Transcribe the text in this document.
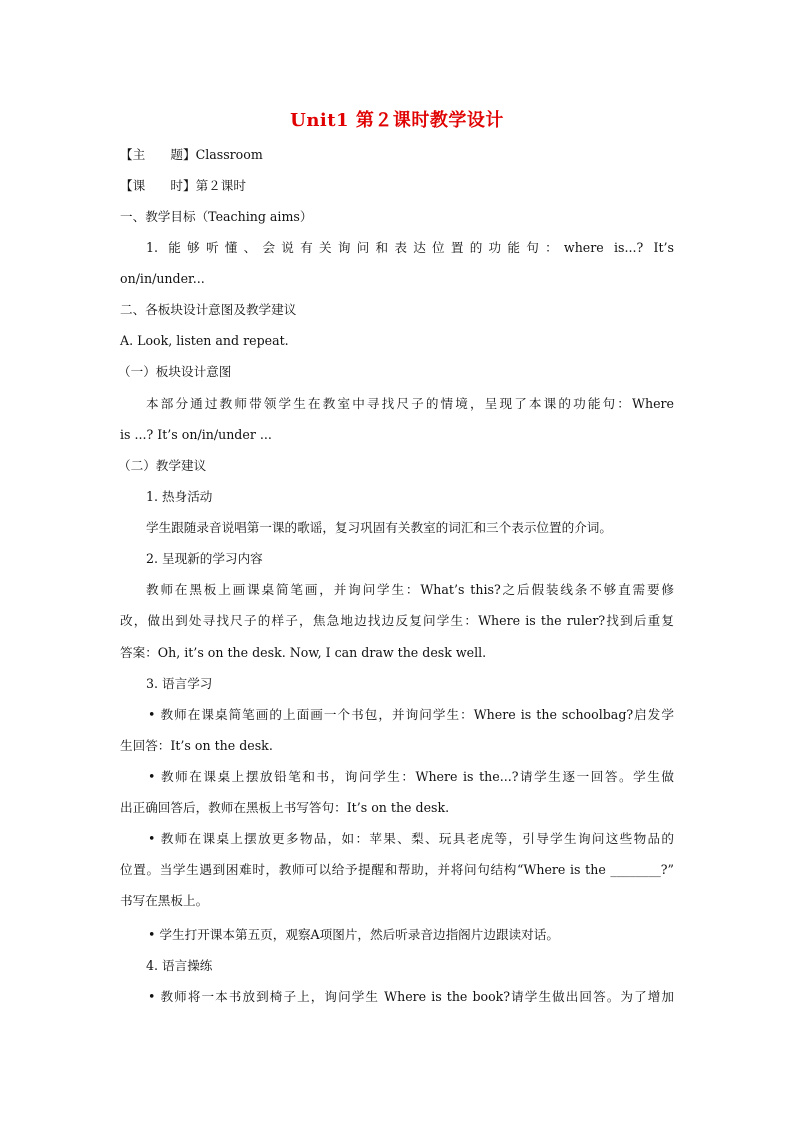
Unit1 第２课时教学设计
【主　　题】Classroom
【课　　时】第２课时
一、教学目标（Teaching aims）
1. 能够听懂、会说有关询问和表达位置的功能句：where is...? It’s
on/in/under...
二、各板块设计意图及教学建议
A. Look, listen and repeat.
（一）板块设计意图
本部分通过教师带领学生在教室中寻找尺子的情境，呈现了本课的功能句：Where
is ...? It’s on/in/under ...
（二）教学建议
1. 热身活动
学生跟随录音说唱第一课的歌谣，复习巩固有关教室的词汇和三个表示位置的介词。
2. 呈现新的学习内容
教师在黑板上画课桌简笔画，并询问学生：What’s this?之后假装线条不够直需要修
改，做出到处寻找尺子的样子，焦急地边找边反复问学生：Where is the ruler?找到后重复
答案：Oh, it’s on the desk. Now, I can draw the desk well.
3. 语言学习
• 教师在课桌简笔画的上面画一个书包，并询问学生：Where is the schoolbag?启发学
生回答：It’s on the desk.
• 教师在课桌上摆放铅笔和书，询问学生：Where is the...?请学生逐一回答。学生做
出正确回答后，教师在黑板上书写答句：It’s on the desk.
• 教师在课桌上摆放更多物品，如：苹果、梨、玩具老虎等，引导学生询问这些物品的
位置。当学生遇到困难时，教师可以给予提醒和帮助，并将问句结构“Where is the ________?”
书写在黑板上。
• 学生打开课本第五页，观察A项图片，然后听录音边指阁片边跟读对话。
4. 语言操练
• 教师将一本书放到椅子上，询问学生 Where is the book?请学生做出回答。为了增加
